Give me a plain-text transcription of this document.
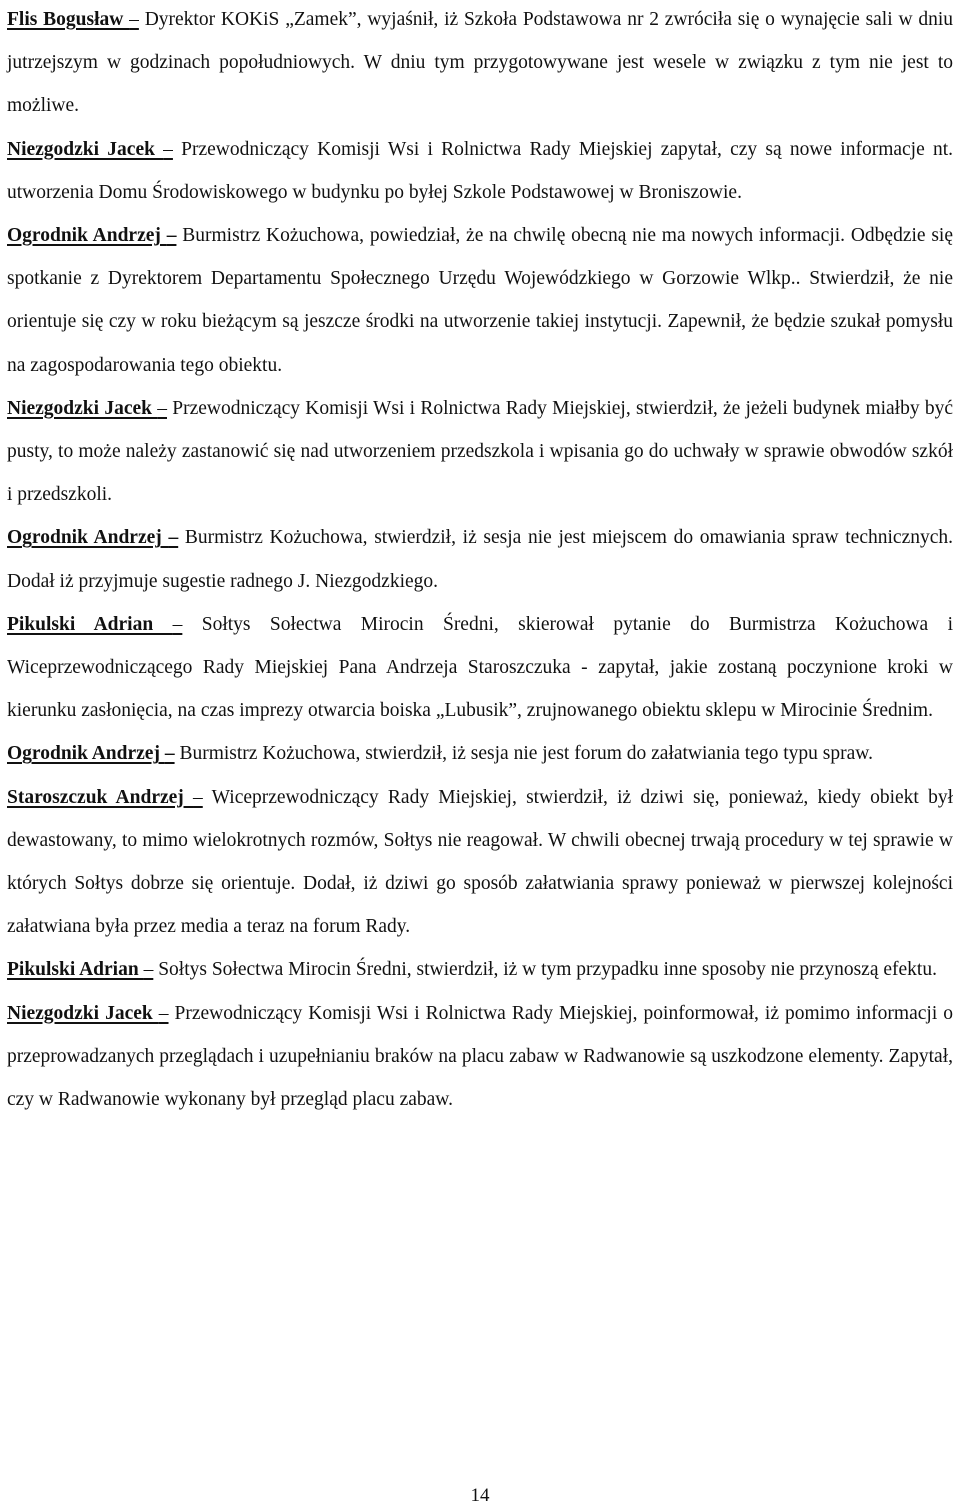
Flis Bogusław – Dyrektor KOKiS „Zamek”, wyjaśnił, iż Szkoła Podstawowa nr 2 zwróciła się o wynajęcie sali w dniu jutrzejszym w godzinach popołudniowych. W dniu tym przygotowywane jest wesele w związku z tym nie jest to możliwe.

Niezgodzki Jacek – Przewodniczący Komisji Wsi i Rolnictwa Rady Miejskiej zapytał, czy są nowe informacje nt. utworzenia Domu Środowiskowego w budynku po byłej Szkole Podstawowej w Broniszowie.

Ogrodnik Andrzej – Burmistrz Kożuchowa, powiedział, że na chwilę obecną nie ma nowych informacji. Odbędzie się spotkanie z Dyrektorem Departamentu Społecznego Urzędu Wojewódzkiego w Gorzowie Wlkp.. Stwierdził, że nie orientuje się czy w roku bieżącym są jeszcze środki na utworzenie takiej instytucji. Zapewnił, że będzie szukał pomysłu na zagospodarowania tego obiektu.

Niezgodzki Jacek – Przewodniczący Komisji Wsi i Rolnictwa Rady Miejskiej, stwierdził, że jeżeli budynek miałby być pusty, to może należy zastanowić się nad utworzeniem przedszkola i wpisania go do uchwały w sprawie obwodów szkół i przedszkoli.

Ogrodnik Andrzej – Burmistrz Kożuchowa, stwierdził, iż sesja nie jest miejscem do omawiania spraw technicznych. Dodał iż przyjmuje sugestie radnego J. Niezgodzkiego.

Pikulski Adrian – Sołtys Sołectwa Mirocin Średni, skierował pytanie do Burmistrza Kożuchowa i Wiceprzewodniczącego Rady Miejskiej Pana Andrzeja Staroszczuka - zapytał, jakie zostaną poczynione kroki w kierunku zasłonięcia, na czas imprezy otwarcia boiska „Lubusik”, zrujnowanego obiektu sklepu w Mirocinie Średnim.

Ogrodnik Andrzej – Burmistrz Kożuchowa, stwierdził, iż sesja nie jest forum do załatwiania tego typu spraw.

Staroszczuk Andrzej – Wiceprzewodniczący Rady Miejskiej, stwierdził, iż dziwi się, ponieważ, kiedy obiekt był dewastowany, to mimo wielokrotnych rozmów, Sołtys nie reagował. W chwili obecnej trwają procedury w tej sprawie w których Sołtys dobrze się orientuje. Dodał, iż dziwi go sposób załatwiania sprawy ponieważ w pierwszej kolejności załatwiana była przez media a teraz na forum Rady.

Pikulski Adrian – Sołtys Sołectwa Mirocin Średni, stwierdził, iż w tym przypadku inne sposoby nie przynoszą efektu.

Niezgodzki Jacek – Przewodniczący Komisji Wsi i Rolnictwa Rady Miejskiej, poinformował, iż pomimo informacji o przeprowadzanych przeglądach i uzupełnianiu braków na placu zabaw w Radwanowie są uszkodzone elementy. Zapytał, czy w Radwanowie wykonany był przegląd placu zabaw.

14
